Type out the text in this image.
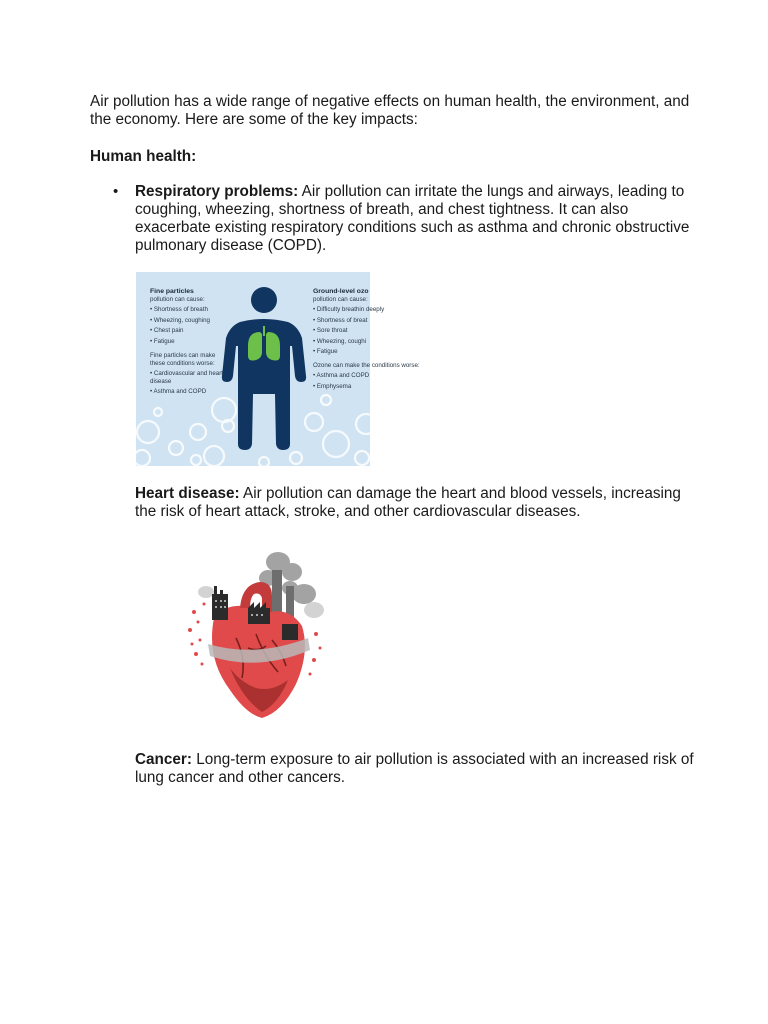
Air pollution has a wide range of negative effects on human health, the environment, and the economy. Here are some of the key impacts:

Human health:

• Respiratory problems: Air pollution can irritate the lungs and airways, leading to coughing, wheezing, shortness of breath, and chest tightness. It can also exacerbate existing respiratory conditions such as asthma and chronic obstructive pulmonary disease (COPD).

Fine particles
pollution can cause:
• Shortness of breath
• Wheezing, coughing
• Chest pain
• Fatigue
Fine particles can make these conditions worse:
• Cardiovascular and heart disease
• Asthma and COPD
Ground-level ozo
pollution can cause:
• Difficulty breathin deeply
• Shortness of breat
• Sore throat
• Wheezing, coughi
• Fatigue
Ozone can make the conditions worse:
• Asthma and COPD
• Emphysema

Heart disease: Air pollution can damage the heart and blood vessels, increasing the risk of heart attack, stroke, and other cardiovascular diseases.

Cancer: Long-term exposure to air pollution is associated with an increased risk of lung cancer and other cancers.
